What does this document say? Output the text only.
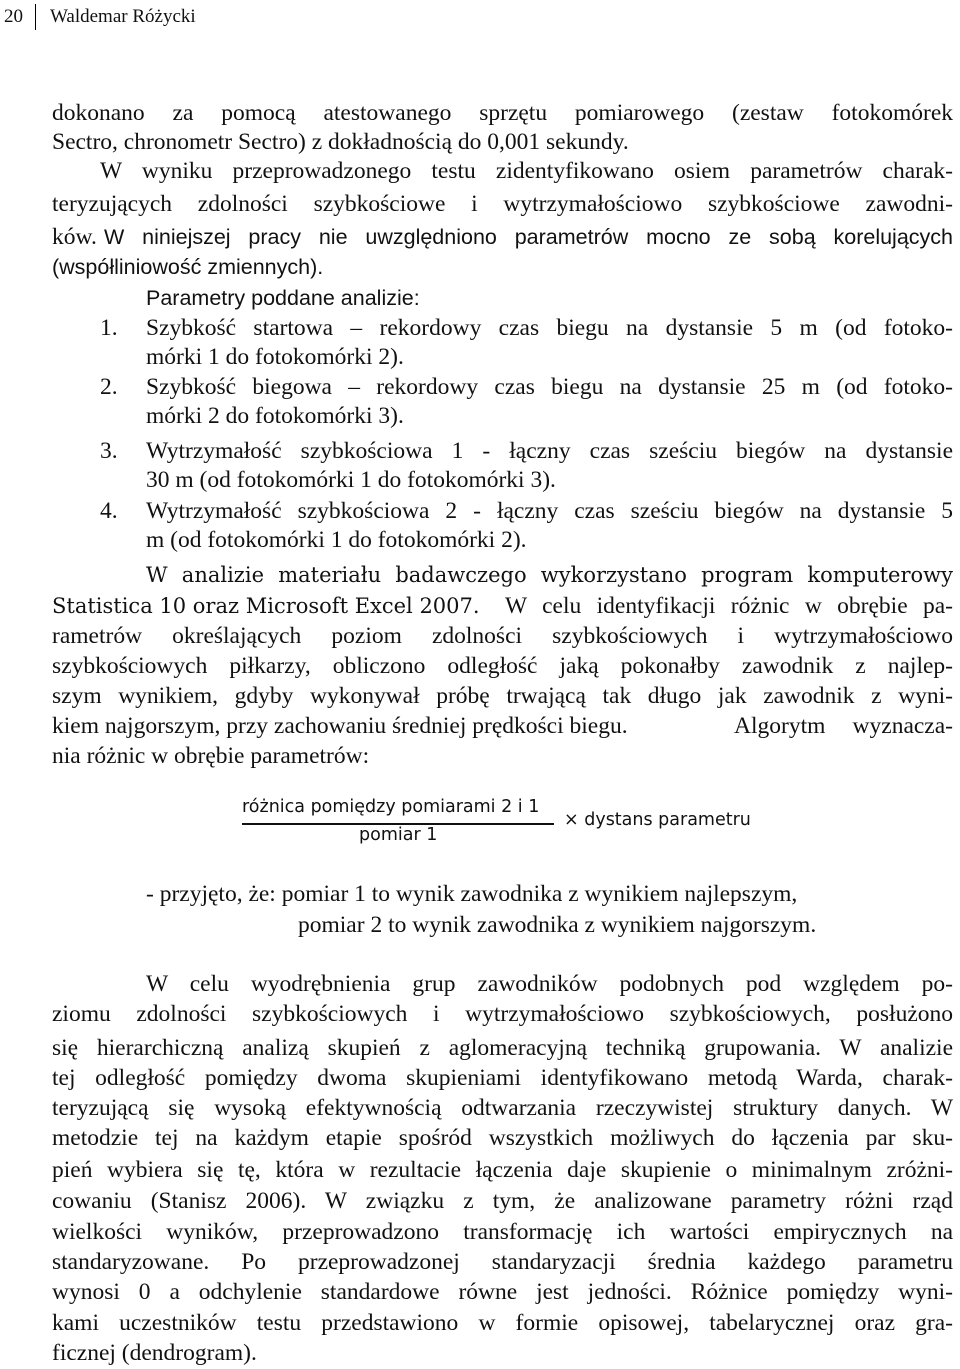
20	Waldemar Różycki
dokonano za pomocą atestowanego sprzętu pomiarowego (zestaw fotokomórek
Sectro, chronometr Sectro) z dokładnością do 0,001 sekundy.
W wyniku przeprowadzonego testu zidentyfikowano osiem parametrów charak-
teryzujących zdolności szybkościowe i wytrzymałościowo szybkościowe zawodni-
ków. W niniejszej pracy nie uwzględniono parametrów mocno ze sobą korelujących
(współliniowość zmiennych).
Parametry poddane analizie:
1. Szybkość startowa – rekordowy czas biegu na dystansie 5 m (od fotoko-
mórki 1 do fotokomórki 2).
2. Szybkość biegowa – rekordowy czas biegu na dystansie 25 m (od fotoko-
mórki 2 do fotokomórki 3).
3. Wytrzymałość szybkościowa 1 - łączny czas sześciu biegów na dystansie
30 m (od fotokomórki 1 do fotokomórki 3).
4. Wytrzymałość szybkościowa 2 - łączny czas sześciu biegów na dystansie 5
m (od fotokomórki 1 do fotokomórki 2).
W analizie materiału badawczego wykorzystano program komputerowy
Statistica 10 oraz Microsoft Excel 2007. W celu identyfikacji różnic w obrębie pa-
rametrów określających poziom zdolności szybkościowych i wytrzymałościowo
szybkościowych piłkarzy, obliczono odległość jaką pokonałby zawodnik z najlep-
szym wynikiem, gdyby wykonywał próbę trwającą tak długo jak zawodnik z wyni-
kiem najgorszym, przy zachowaniu średniej prędkości biegu.	Algorytm wyznacza-
nia różnic w obrębie parametrów:
różnica pomiędzy pomiarami 2 i 1
pomiar 1
× dystans parametru
- przyjęto, że: pomiar 1 to wynik zawodnika z wynikiem najlepszym,
pomiar 2 to wynik zawodnika z wynikiem najgorszym.
W celu wyodrębnienia grup zawodników podobnych pod względem po-
ziomu zdolności szybkościowych i wytrzymałościowo szybkościowych, posłużono
się hierarchiczną analizą skupień z aglomeracyjną techniką grupowania. W analizie
tej odległość pomiędzy dwoma skupieniami identyfikowano metodą Warda, charak-
teryzującą się wysoką efektywnością odtwarzania rzeczywistej struktury danych. W
metodzie tej na każdym etapie spośród wszystkich możliwych do łączenia par sku-
pień wybiera się tę, która w rezultacie łączenia daje skupienie o minimalnym zróżni-
cowaniu (Stanisz 2006). W związku z tym, że analizowane parametry różni rząd
wielkości wyników, przeprowadzono transformację ich wartości empirycznych na
standaryzowane. Po przeprowadzonej standaryzacji średnia każdego parametru
wynosi 0 a odchylenie standardowe równe jest jedności. Różnice pomiędzy wyni-
kami uczestników testu przedstawiono w formie opisowej, tabelarycznej oraz gra-
ficznej (dendrogram).
